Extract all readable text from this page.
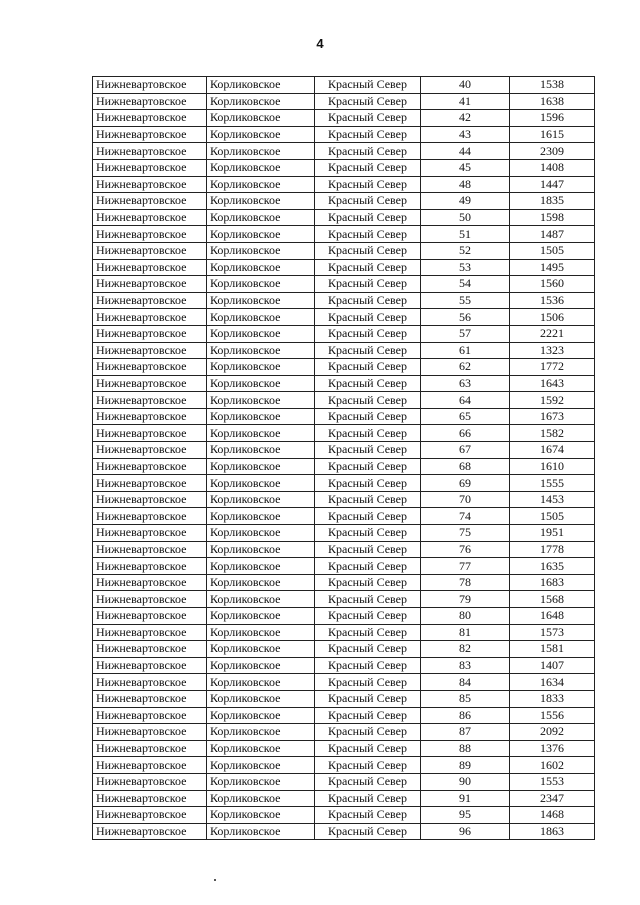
4
Нижневартовское	Корликовское	Красный Север	40	1538
Нижневартовское	Корликовское	Красный Север	41	1638
Нижневартовское	Корликовское	Красный Север	42	1596
Нижневартовское	Корликовское	Красный Север	43	1615
Нижневартовское	Корликовское	Красный Север	44	2309
Нижневартовское	Корликовское	Красный Север	45	1408
Нижневартовское	Корликовское	Красный Север	48	1447
Нижневартовское	Корликовское	Красный Север	49	1835
Нижневартовское	Корликовское	Красный Север	50	1598
Нижневартовское	Корликовское	Красный Север	51	1487
Нижневартовское	Корликовское	Красный Север	52	1505
Нижневартовское	Корликовское	Красный Север	53	1495
Нижневартовское	Корликовское	Красный Север	54	1560
Нижневартовское	Корликовское	Красный Север	55	1536
Нижневартовское	Корликовское	Красный Север	56	1506
Нижневартовское	Корликовское	Красный Север	57	2221
Нижневартовское	Корликовское	Красный Север	61	1323
Нижневартовское	Корликовское	Красный Север	62	1772
Нижневартовское	Корликовское	Красный Север	63	1643
Нижневартовское	Корликовское	Красный Север	64	1592
Нижневартовское	Корликовское	Красный Север	65	1673
Нижневартовское	Корликовское	Красный Север	66	1582
Нижневартовское	Корликовское	Красный Север	67	1674
Нижневартовское	Корликовское	Красный Север	68	1610
Нижневартовское	Корликовское	Красный Север	69	1555
Нижневартовское	Корликовское	Красный Север	70	1453
Нижневартовское	Корликовское	Красный Север	74	1505
Нижневартовское	Корликовское	Красный Север	75	1951
Нижневартовское	Корликовское	Красный Север	76	1778
Нижневартовское	Корликовское	Красный Север	77	1635
Нижневартовское	Корликовское	Красный Север	78	1683
Нижневартовское	Корликовское	Красный Север	79	1568
Нижневартовское	Корликовское	Красный Север	80	1648
Нижневартовское	Корликовское	Красный Север	81	1573
Нижневартовское	Корликовское	Красный Север	82	1581
Нижневартовское	Корликовское	Красный Север	83	1407
Нижневартовское	Корликовское	Красный Север	84	1634
Нижневартовское	Корликовское	Красный Север	85	1833
Нижневартовское	Корликовское	Красный Север	86	1556
Нижневартовское	Корликовское	Красный Север	87	2092
Нижневартовское	Корликовское	Красный Север	88	1376
Нижневартовское	Корликовское	Красный Север	89	1602
Нижневартовское	Корликовское	Красный Север	90	1553
Нижневартовское	Корликовское	Красный Север	91	2347
Нижневартовское	Корликовское	Красный Север	95	1468
Нижневартовское	Корликовское	Красный Север	96	1863
